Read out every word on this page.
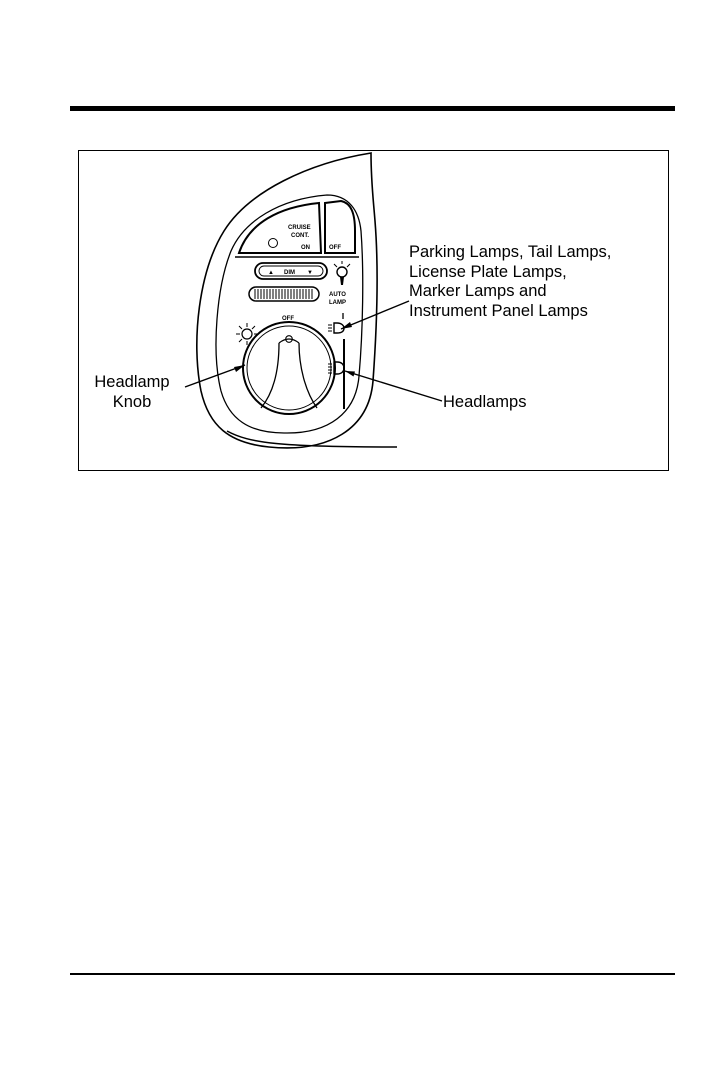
CRUISE
CONT.
ON	OFF
▲ DIM ▼
AUTO
LAMP
OFF
Parking Lamps, Tail Lamps,
License Plate Lamps,
Marker Lamps and
Instrument Panel Lamps
Headlamp
Knob	Headlamps
